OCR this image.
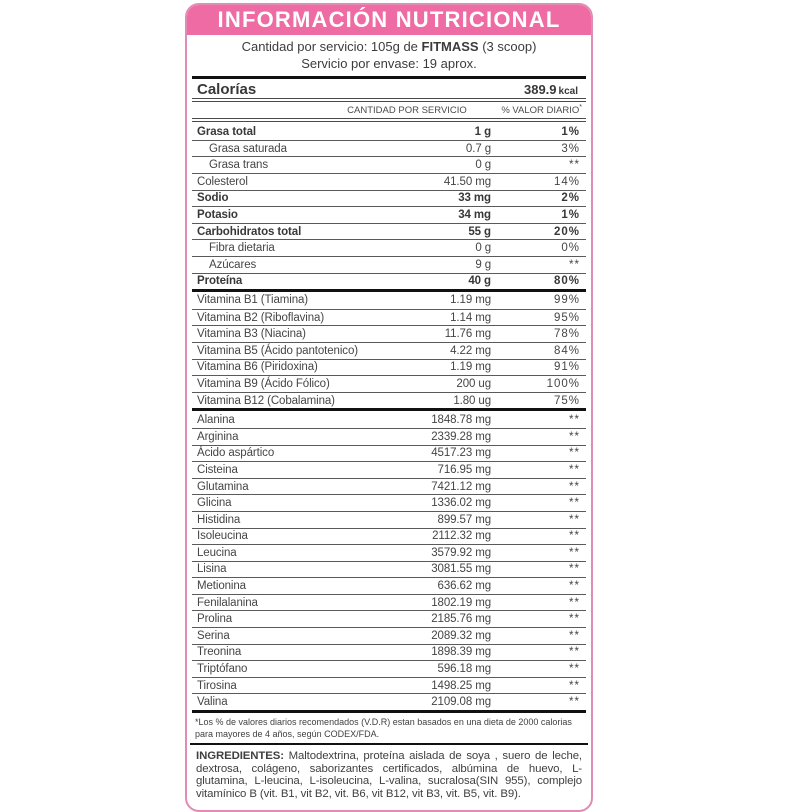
INFORMACIÓN NUTRICIONAL
Cantidad por servicio: 105g de FITMASS (3 scoop)
Servicio por envase: 19 aprox.
Calorías	389.9 kcal
CANTIDAD POR SERVICIO	% VALOR DIARIO*
Grasa total	1 g	1%
Grasa saturada	0.7 g	3%
Grasa trans	0 g	**
Colesterol	41.50 mg	14%
Sodio	33 mg	2%
Potasio	34 mg	1%
Carbohidratos total	55 g	20%
Fibra dietaria	0 g	0%
Azúcares	9 g	**
Proteína	40 g	80%
Vitamina B1 (Tiamina)	1.19 mg	99%
Vitamina B2 (Riboflavina)	1.14 mg	95%
Vitamina B3 (Niacina)	11.76 mg	78%
Vitamina B5 (Ácido pantotenico)	4.22 mg	84%
Vitamina B6 (Piridoxina)	1.19 mg	91%
Vitamina B9 (Ácido Fólico)	200 ug	100%
Vitamina B12 (Cobalamina)	1.80 ug	75%
Alanina	1848.78 mg	**
Arginina	2339.28 mg	**
Ácido aspártico	4517.23 mg	**
Cisteina	716.95 mg	**
Glutamina	7421.12 mg	**
Glicina	1336.02 mg	**
Histidina	899.57 mg	**
Isoleucina	2112.32 mg	**
Leucina	3579.92 mg	**
Lisina	3081.55 mg	**
Metionina	636.62 mg	**
Fenilalanina	1802.19 mg	**
Prolina	2185.76 mg	**
Serina	2089.32 mg	**
Treonina	1898.39 mg	**
Triptófano	596.18 mg	**
Tirosina	1498.25 mg	**
Valina	2109.08 mg	**
*Los % de valores diarios recomendados (V.D.R) estan basados en una dieta de 2000 calorias para mayores de 4 años, según CODEX/FDA.
INGREDIENTES: Maltodextrina, proteína aislada de soya , suero de leche, dextrosa, colágeno, saborizantes certificados, albúmina de huevo, L-glutamina, L-leucina, L-isoleucina, L-valina, sucralosa(SIN 955), complejo vitamínico B (vit. B1, vit B2, vit. B6, vit B12, vit B3, vit. B5, vit. B9).
